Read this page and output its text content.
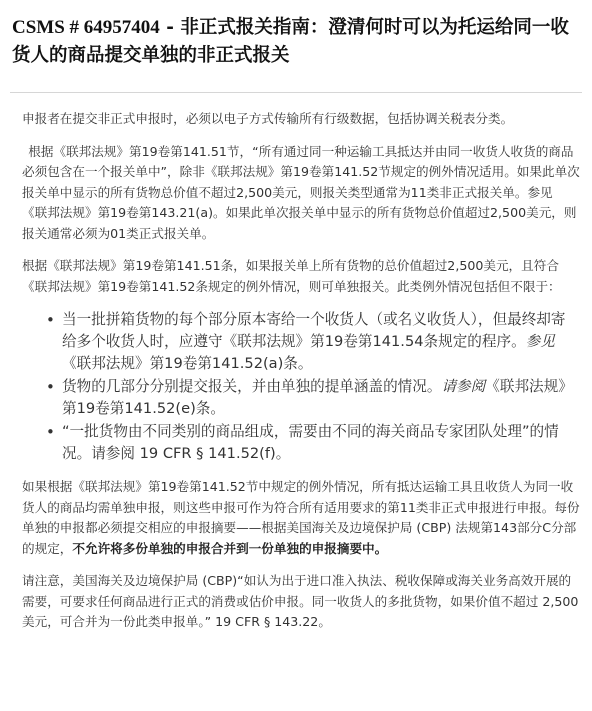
CSMS # 64957404 - 非正式报关指南：澄清何时可以为托运给同一收货人的商品提交单独的非正式报关

申报者在提交非正式申报时，必须以电子方式传输所有行级数据，包括协调关税表分类。

根据《联邦法规》第19卷第141.51节，“所有通过同一种运输工具抵达并由同一收货人收货的商品必须包含在一个报关单中”，除非《联邦法规》第19卷第141.52节规定的例外情况适用。如果此单次报关单中显示的所有货物总价值不超过2,500美元，则报关类型通常为11类非正式报关单。参见 《联邦法规》第19卷第143.21(a)。如果此单次报关单中显示的所有货物总价值超过2,500美元，则报关通常必须为01类正式报关单。

根据《联邦法规》第19卷第141.51条，如果报关单上所有货物的总价值超过2,500美元，且符合《联邦法规》第19卷第141.52条规定的例外情况，则可单独报关。此类例外情况包括但不限于：

• 当一批拼箱货物的每个部分原本寄给一个收货人（或名义收货人），但最终却寄给多个收货人时，应遵守《联邦法规》第19卷第141.54条规定的程序。参见《联邦法规》第19卷第141.52(a)条。
• 货物的几部分分别提交报关，并由单独的提单涵盖的情况。请参阅《联邦法规》第19卷第141.52(e)条。
• “一批货物由不同类别的商品组成，需要由不同的海关商品专家团队处理”的情况。请参阅 19 CFR § 141.52(f)。

如果根据《联邦法规》第19卷第141.52节中规定的例外情况，所有抵达运输工具且收货人为同一收货人的商品均需单独申报，则这些申报可作为符合所有适用要求的第11类非正式申报进行申报。每份单独的申报都必须提交相应的申报摘要——根据美国海关及边境保护局 (CBP) 法规第143部分C分部的规定，不允许将多份单独的申报合并到一份单独的申报摘要中。

请注意，美国海关及边境保护局 (CBP)“如认为出于进口准入执法、税收保障或海关业务高效开展的需要，可要求任何商品进行正式的消费或估价申报。同一收货人的多批货物，如果价值不超过 2,500 美元，可合并为一份此类申报单。” 19 CFR § 143.22。
